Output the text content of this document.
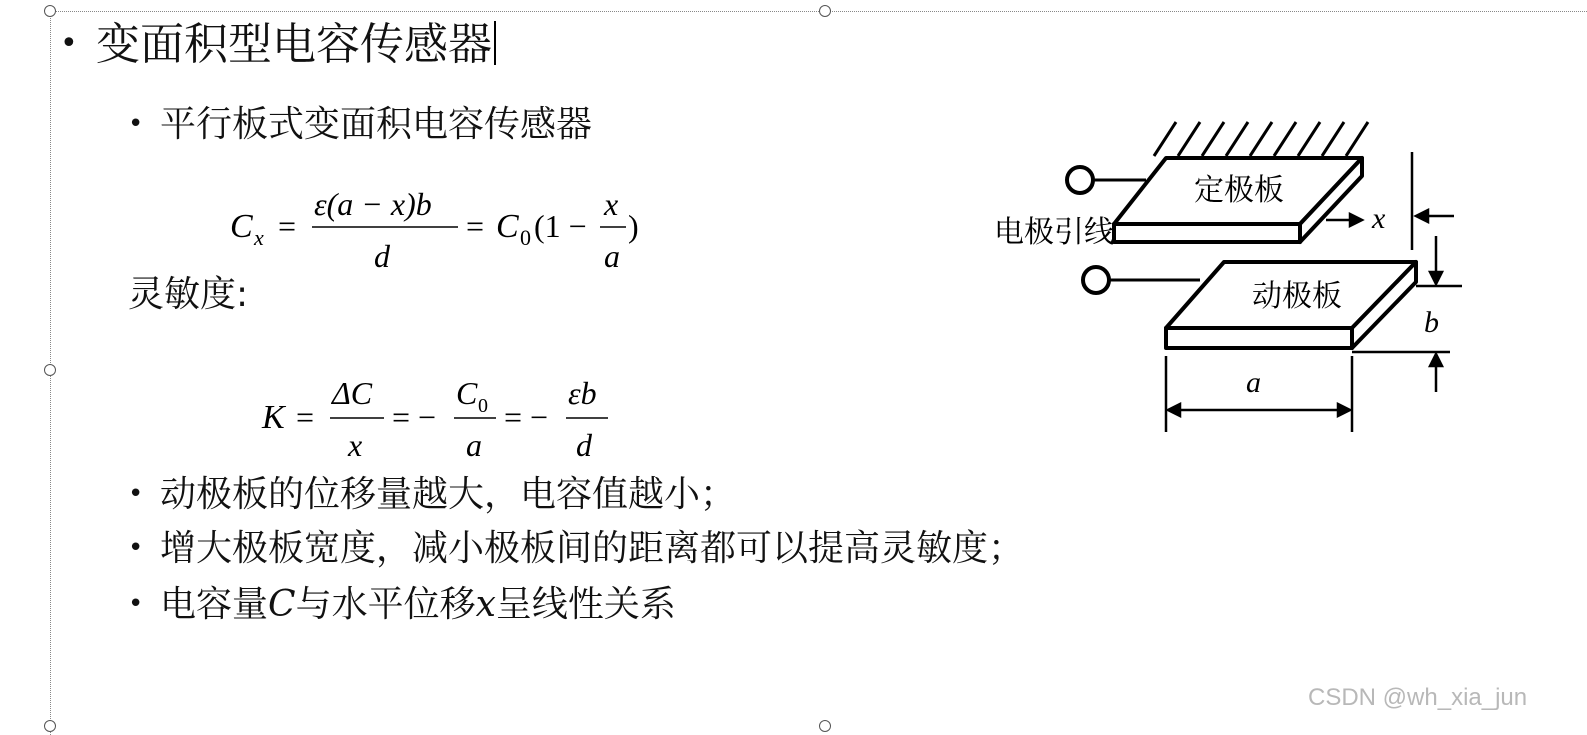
• 变面积型电容传感器
• 平行板式变面积电容传感器
C x =
ε(a − x)b
d
= C 0 (1 −
x
a
)
灵敏度:
K =
ΔC
x
= −
C 0
a
= −
εb
d
• 动极板的位移量越大，电容值越小；
• 增大极板宽度，减小极板间的距离都可以提高灵敏度；
• 电容量C与水平位移x呈线性关系
定极板
动极板
电极引线	x
b
a
CSDN @wh_xia_jun
